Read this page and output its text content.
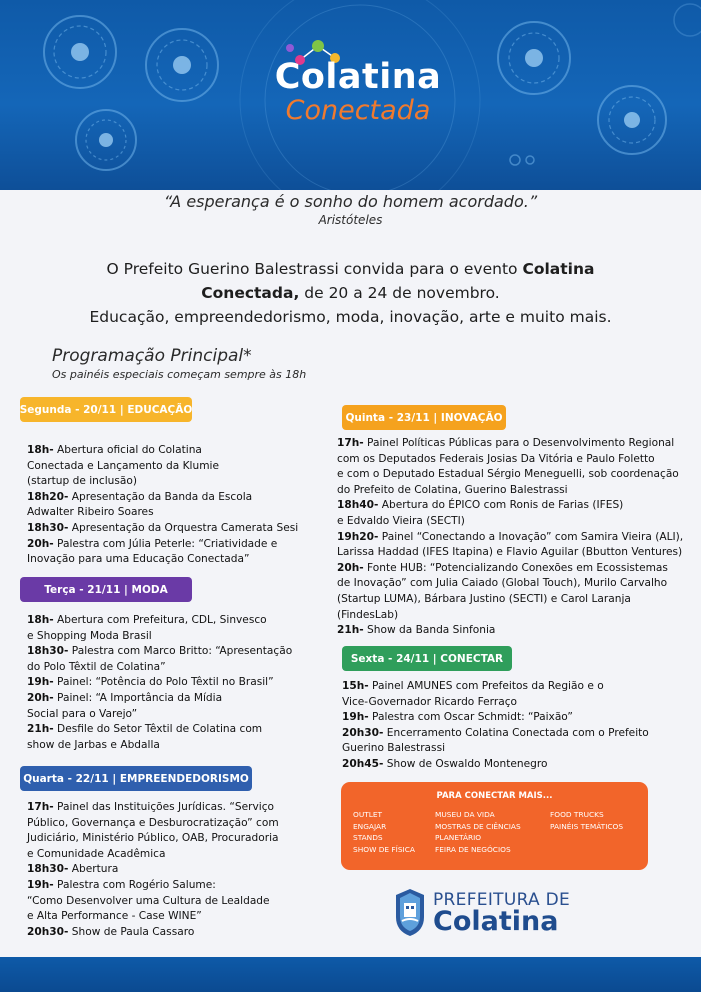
Colatina
Conectada
“A esperança é o sonho do homem acordado.”
Aristóteles
O Prefeito Guerino Balestrassi convida para o evento Colatina
Conectada, de 20 a 24 de novembro.
Educação, empreendedorismo, moda, inovação, arte e muito mais.
Programação Principal*
Os painéis especiais começam sempre às 18h
Segunda - 20/11 | EDUCAÇÃO

18h- Abertura oficial do Colatina

Conectada e Lançamento da Klumie

(startup de inclusão)

18h20- Apresentação da Banda da Escola

Adwalter Ribeiro Soares

18h30- Apresentação da Orquestra Camerata Sesi

20h- Palestra com Júlia Peterle: “Criatividade e

Inovação para uma Educação Conectada”

Terça - 21/11 | MODA

18h- Abertura com Prefeitura, CDL, Sinvesco

e Shopping Moda Brasil

18h30- Palestra com Marco Britto: “Apresentação

do Polo Têxtil de Colatina”

19h- Painel: “Potência do Polo Têxtil no Brasil”

20h- Painel: “A Importância da Mídia

Social para o Varejo”

21h- Desfile do Setor Têxtil de Colatina com

show de Jarbas e Abdalla

Quarta - 22/11 | EMPREENDEDORISMO

17h- Painel das Instituições Jurídicas. “Serviço

Público, Governança e Desburocratização” com

Judiciário, Ministério Público, OAB, Procuradoria

e Comunidade Acadêmica

18h30- Abertura

19h- Palestra com Rogério Salume:

“Como Desenvolver uma Cultura de Lealdade

e Alta Performance - Case WINE”

20h30- Show de Paula Cassaro

Quinta - 23/11 | INOVAÇÃO

17h- Painel Políticas Públicas para o Desenvolvimento Regional

com os Deputados Federais Josias Da Vitória e Paulo Foletto

e com o Deputado Estadual Sérgio Meneguelli, sob coordenação

do Prefeito de Colatina, Guerino Balestrassi

18h40- Abertura do ÉPICO com Ronis de Farias (IFES)

e Edvaldo Vieira (SECTI)

19h20- Painel “Conectando a Inovação” com Samira Vieira (ALI),

Larissa Haddad (IFES Itapina) e Flavio Aguilar (Bbutton Ventures)

20h- Fonte HUB: “Potencializando Conexões em Ecossistemas

de Inovação” com Julia Caiado (Global Touch), Murilo Carvalho

(Startup LUMA), Bárbara Justino (SECTI) e Carol Laranja

(FindesLab)

21h- Show da Banda Sinfonia

Sexta - 24/11 | CONECTAR

15h- Painel AMUNES com Prefeitos da Região e o

Vice-Governador Ricardo Ferraço

19h- Palestra com Oscar Schmidt: “Paixão”

20h30- Encerramento Colatina Conectada com o Prefeito

Guerino Balestrassi

20h45- Show de Oswaldo Montenegro

PARA CONECTAR MAIS...

OUTLET

ENGAJAR

STANDS

SHOW DE FÍSICA

MUSEU DA VIDA

MOSTRAS DE CIÊNCIAS

PLANETÁRIO

FEIRA DE NEGÓCIOS

FOOD TRUCKS

PAINÉIS TEMÁTICOS

PREFEITURA DE
Colatina
